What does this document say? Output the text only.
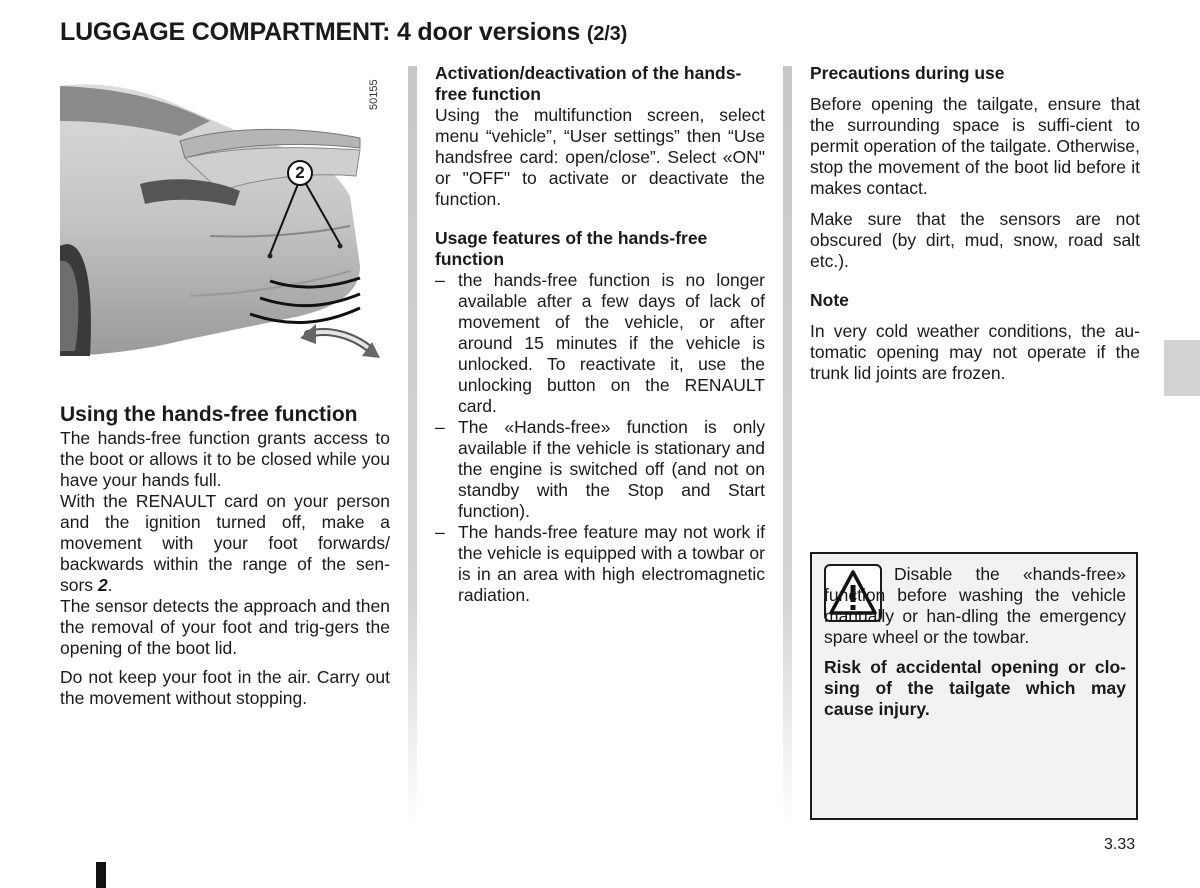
LUGGAGE COMPARTMENT: 4 door versions (2/3)
2
50155

Using the hands-free function

The hands-free function grants access to the boot or allows it to be closed while you have your hands full.

With the RENAULT card on your person and the ignition turned off, make a movement with your foot forwards/ backwards within the range of the sen-sors 2.

The sensor detects the approach and then the removal of your foot and trig-gers the opening of the boot lid.

Do not keep your foot in the air. Carry out the movement without stopping.

Activation/deactivation of the hands-free function

Using the multifunction screen, select menu “vehicle”, “User settings” then “Use handsfree card: open/close”. Select «ON" or "OFF" to activate or deactivate the function.

Usage features of the hands-free function

– the hands-free function is no longer available after a few days of lack of movement of the vehicle, or after around 15 minutes if the vehicle is unlocked. To reactivate it, use the unlocking button on the RENAULT card.
– The «Hands-free» function is only available if the vehicle is stationary and the engine is switched off (and not on standby with the Stop and Start function).
– The hands-free feature may not work if the vehicle is equipped with a towbar or is in an area with high electromagnetic radiation.

Precautions during use

Before opening the tailgate, ensure that the surrounding space is suffi-cient to permit operation of the tailgate. Otherwise, stop the movement of the boot lid before it makes contact.

Make sure that the sensors are not obscured (by dirt, mud, snow, road salt etc.).

Note

In very cold weather conditions, the au-tomatic opening may not operate if the trunk lid joints are frozen.

Disable the «hands-free» function before washing the vehicle manually or han-dling the emergency spare wheel or the towbar.

Risk of accidental opening or clo-sing of the tailgate which may cause injury.

3.33
